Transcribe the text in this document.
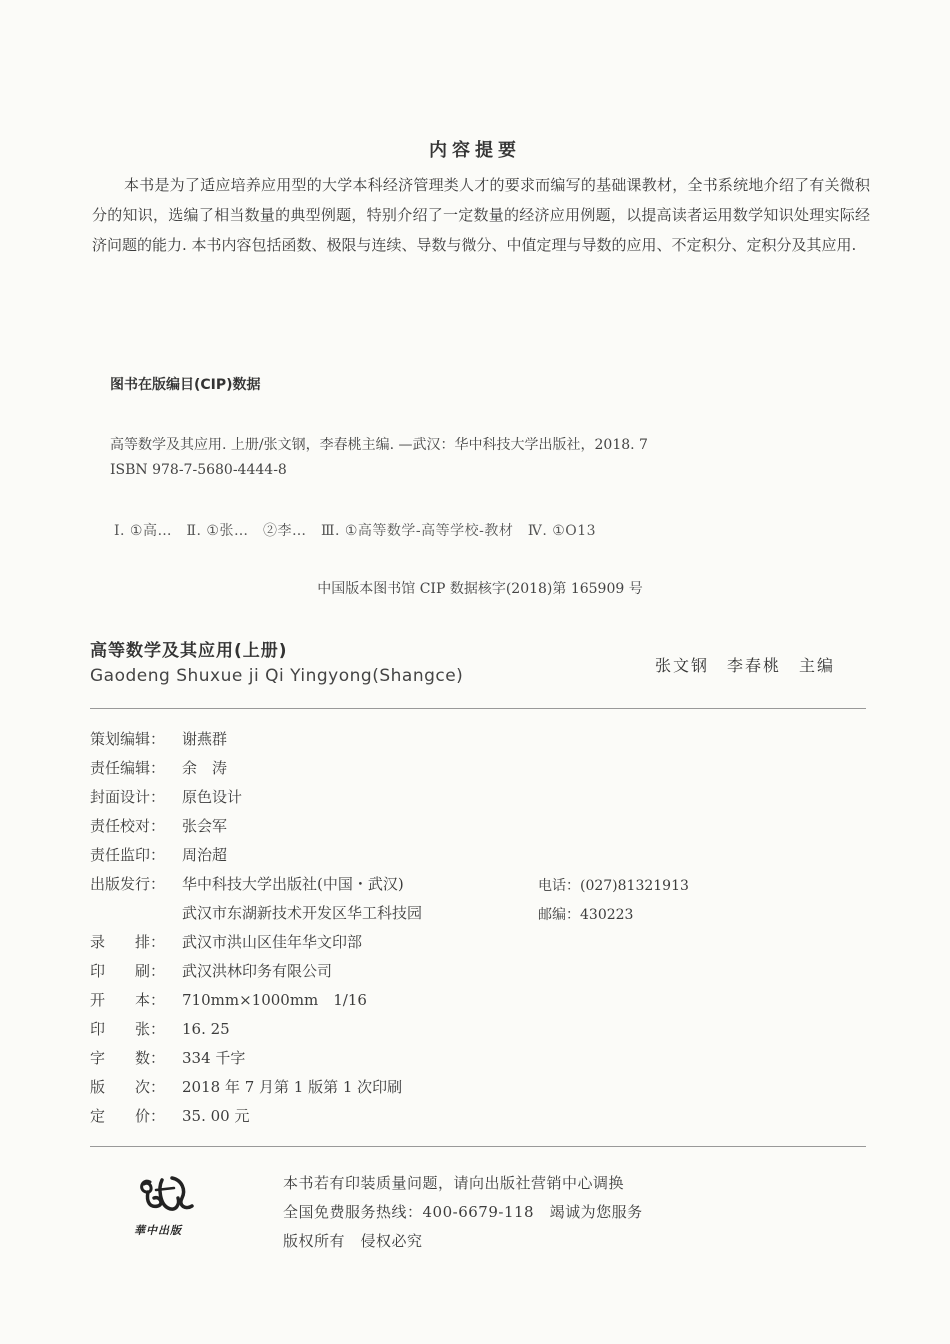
内容提要

本书是为了适应培养应用型的大学本科经济管理类人才的要求而编写的基础课教材，全书系统地介绍了有关微积分的知识，选编了相当数量的典型例题，特别介绍了一定数量的经济应用例题，以提高读者运用数学知识处理实际经济问题的能力. 本书内容包括函数、极限与连续、导数与微分、中值定理与导数的应用、不定积分、定积分及其应用.

图书在版编目(CIP)数据
高等数学及其应用. 上册/张文钢，李春桃主编. —武汉：华中科技大学出版社，2018. 7
ISBN 978-7-5680-4444-8
Ⅰ. ①高…　Ⅱ. ①张…　②李…　Ⅲ. ①高等数学-高等学校-教材　Ⅳ. ①O13
中国版本图书馆 CIP 数据核字(2018)第 165909 号
高等数学及其应用(上册)
Gaodeng Shuxue ji Qi Yingyong(Shangce)
张文钢　李春桃　主编
策划编辑： 谢燕群
责任编辑： 余　涛
封面设计： 原色设计
责任校对： 张会军
责任监印： 周治超
出版发行： 华中科技大学出版社(中国・武汉)
武汉市东湖新技术开发区华工科技园
录　　排： 武汉市洪山区佳年华文印部
印　　刷： 武汉洪林印务有限公司
开　　本： 710mm×1000mm　1/16
印　　张： 16. 25
字　　数： 334 千字
版　　次： 2018 年 7 月第 1 版第 1 次印刷
定　　价： 35. 00 元
电话：(027)81321913
邮编：430223
華中出版
本书若有印装质量问题，请向出版社营销中心调换
全国免费服务热线：400-6679-118　竭诚为您服务
版权所有　侵权必究
